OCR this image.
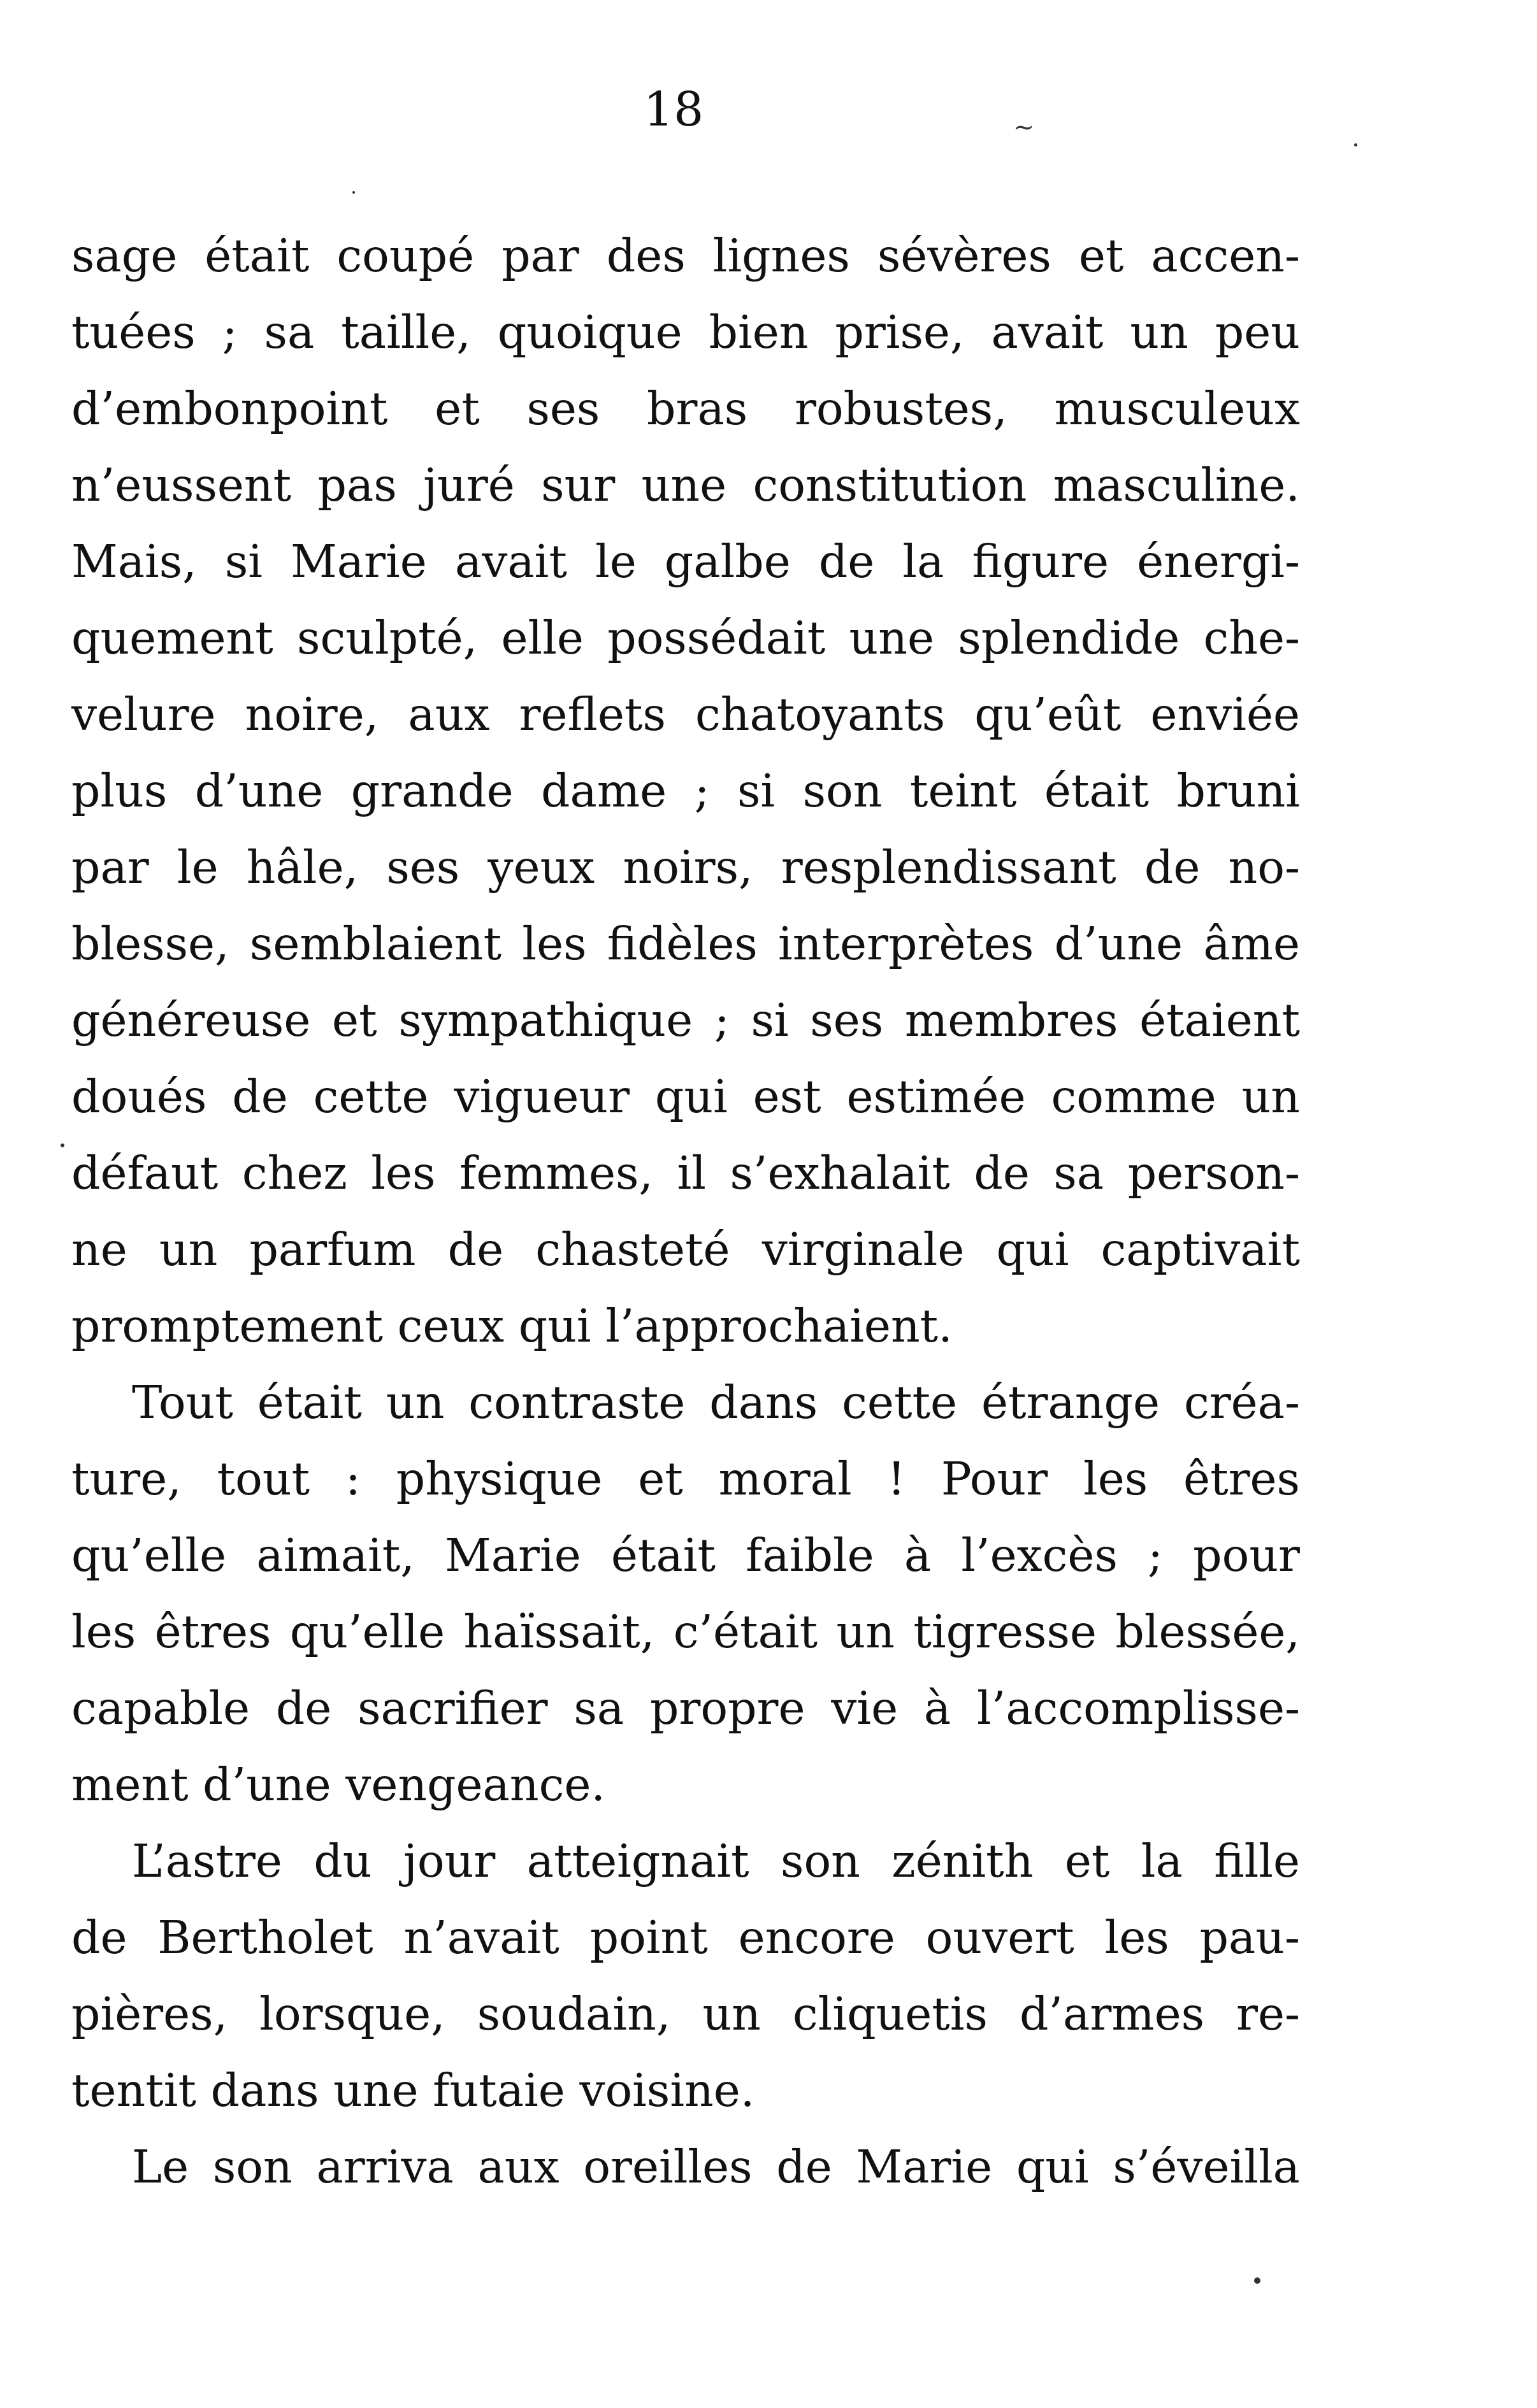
18	~
sage était coupé par des lignes sévères et accen-
tuées ; sa taille, quoique bien prise, avait un peu
d’embonpoint et ses bras robustes, musculeux
n’eussent pas juré sur une constitution masculine.
Mais, si Marie avait le galbe de la figure énergi-
quement sculpté, elle possédait une splendide che-
velure noire, aux reflets chatoyants qu’eût enviée
plus d’une grande dame ; si son teint était bruni
par le hâle, ses yeux noirs, resplendissant de no-
blesse, semblaient les fidèles interprètes d’une âme
généreuse et sympathique ; si ses membres étaient
doués de cette vigueur qui est estimée comme un
défaut chez les femmes, il s’exhalait de sa person-
ne un parfum de chasteté virginale qui captivait
promptement ceux qui l’approchaient.
Tout était un contraste dans cette étrange créa-
ture, tout : physique et moral ! Pour les êtres
qu’elle aimait, Marie était faible à l’excès ; pour
les êtres qu’elle haïssait, c’était un tigresse blessée,
capable de sacrifier sa propre vie à l’accomplisse-
ment d’une vengeance.
L’astre du jour atteignait son zénith et la fille
de Bertholet n’avait point encore ouvert les pau-
pières, lorsque, soudain, un cliquetis d’armes re-
tentit dans une futaie voisine.
Le son arriva aux oreilles de Marie qui s’éveilla
